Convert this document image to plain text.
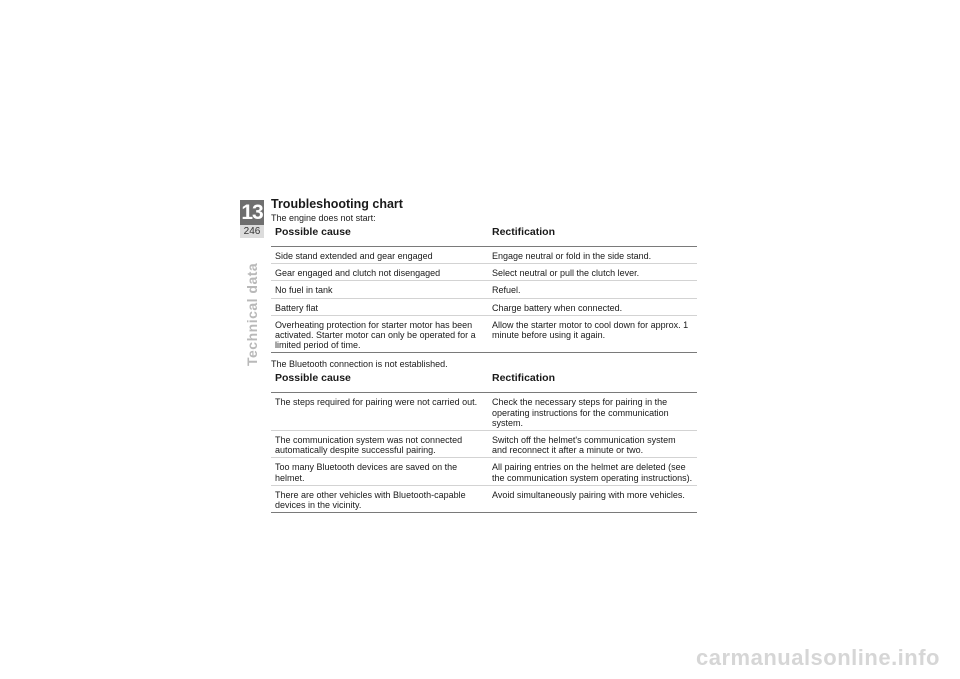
13
246
Technical data
Troubleshooting chart

The engine does not start:

Possible cause	Rectification
Side stand extended and gear engaged	Engage neutral or fold in the side stand.
Gear engaged and clutch not disengaged	Select neutral or pull the clutch lever.
No fuel in tank	Refuel.
Battery flat	Charge battery when connected.
Overheating protection for starter motor has been activated. Starter motor can only be operated for a limited period of time.	Allow the starter motor to cool down for approx. 1 minute before using it again.

The Bluetooth connection is not established.

Possible cause	Rectification
The steps required for pairing were not carried out.	Check the necessary steps for pairing in the operating instructions for the communication system.
The communication system was not connected automatically despite successful pairing.	Switch off the helmet's communication system and reconnect it after a minute or two.
Too many Bluetooth devices are saved on the helmet.	All pairing entries on the helmet are deleted (see the communication system operating instructions).
There are other vehicles with Bluetooth-capable devices in the vicinity.	Avoid simultaneously pairing with more vehicles.
carmanualsonline.info
